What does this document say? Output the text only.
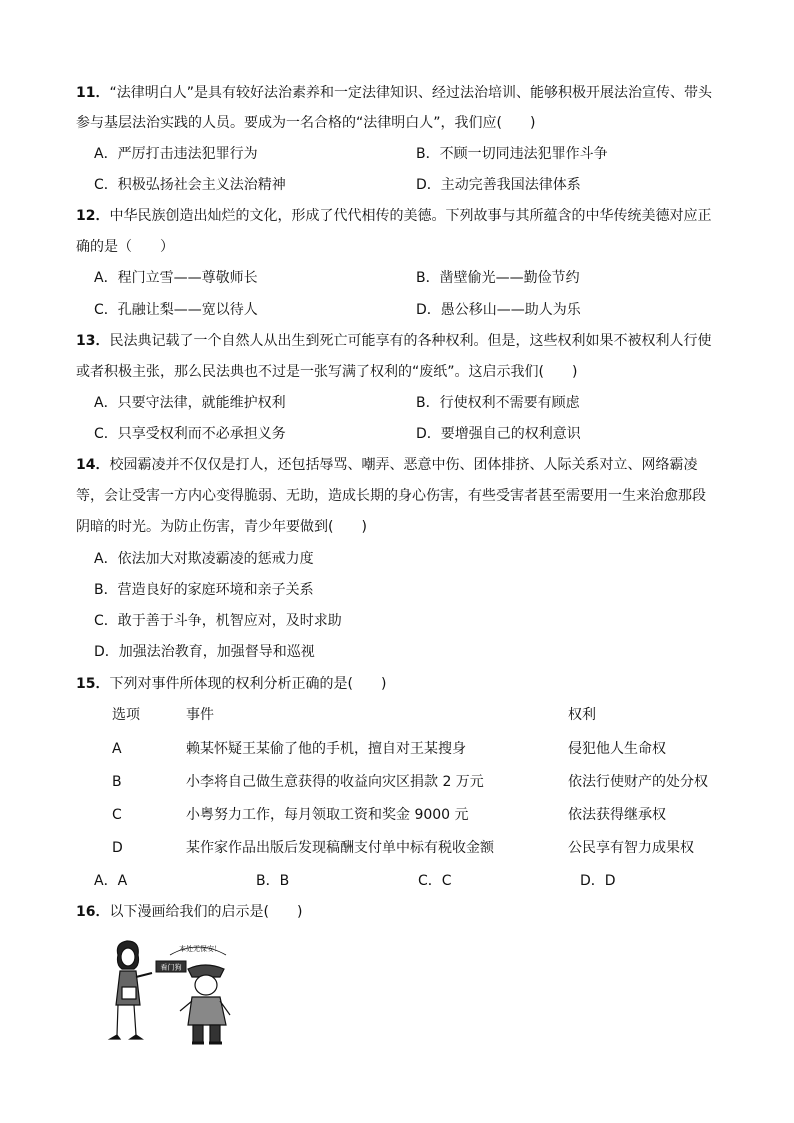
11．“法律明白人”是具有较好法治素养和一定法律知识、经过法治培训、能够积极开展法治宣传、带头
参与基层法治实践的人员。要成为一名合格的“法律明白人”，我们应(　　)
A．严厉打击违法犯罪行为	B．不顾一切同违法犯罪作斗争
C．积极弘扬社会主义法治精神	D．主动完善我国法律体系
12．中华民族创造出灿烂的文化，形成了代代相传的美德。下列故事与其所蕴含的中华传统美德对应正
确的是（　　）
A．程门立雪——尊敬师长	B．凿壁偷光——勤俭节约
C．孔融让梨——宽以待人	D．愚公移山——助人为乐
13．民法典记载了一个自然人从出生到死亡可能享有的各种权利。但是，这些权利如果不被权利人行使
或者积极主张，那么民法典也不过是一张写满了权利的“废纸”。这启示我们(　　)
A．只要守法律，就能维护权利	B．行使权利不需要有顾虑
C．只享受权利而不必承担义务	D．要增强自己的权利意识
14．校园霸凌并不仅仅是打人，还包括辱骂、嘲弄、恶意中伤、团体排挤、人际关系对立、网络霸凌
等，会让受害一方内心变得脆弱、无助，造成长期的身心伤害，有些受害者甚至需要用一生来治愈那段
阴暗的时光。为防止伤害，青少年要做到(　　)
A．依法加大对欺凌霸凌的惩戒力度
B．营造良好的家庭环境和亲子关系
C．敢于善于斗争，机智应对，及时求助
D．加强法治教育，加强督导和巡视
15．下列对事件所体现的权利分析正确的是(　　)
选项	事件	权利
A	赖某怀疑王某偷了他的手机，擅自对王某搜身	侵犯他人生命权
B	小李将自己做生意获得的收益向灾区捐款 2 万元	依法行使财产的处分权
C	小粤努力工作，每月领取工资和奖金 9000 元	依法获得继承权
D	某作家作品出版后发现稿酬支付单中标有税收金额	公民享有智力成果权
A．A	B．B	C．C	D．D
16．以下漫画给我们的启示是(　　)
看门狗
本处无保安！
